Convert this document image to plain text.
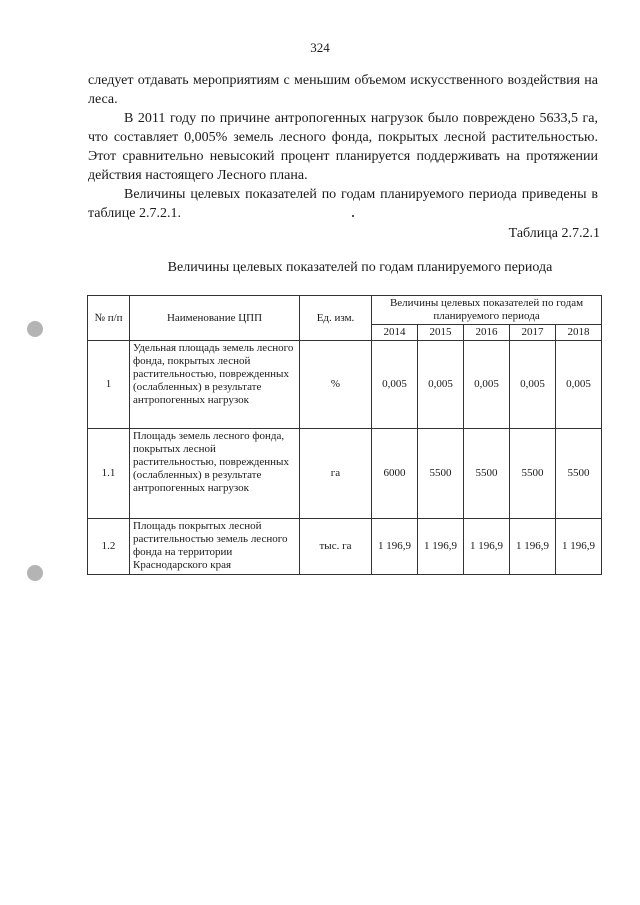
324

следует отдавать мероприятиям с меньшим объемом искусственного воздействия на леса.

В 2011 году по причине антропогенных нагрузок было повреждено 5633,5 га, что составляет 0,005% земель лесного фонда, покрытых лесной растительностью. Этот сравнительно невысокий процент планируется поддерживать на протяжении действия настоящего Лесного плана.

Величины целевых показателей по годам планируемого периода приведены в таблице 2.7.2.1.

Таблица 2.7.2.1
Величины целевых показателей по годам планируемого периода
№ п/п	Наименование ЦПП	Ед. изм.	Величины целевых показателей по годам планируемого периода				
			2014	2015	2016	2017	2018
1	Удельная площадь земель лесного фонда, покрытых лесной растительностью, поврежденных (ослабленных) в результате антропогенных нагрузок	%	0,005	0,005	0,005	0,005	0,005
1.1	Площадь земель лесного фонда, покрытых лесной растительностью, поврежденных (ослабленных) в результате антропогенных нагрузок	га	6000	5500	5500	5500	5500
1.2	Площадь покрытых лесной растительностью земель лесного фонда на территории Краснодарского края	тыс. га	1 196,9	1 196,9	1 196,9	1 196,9	1 196,9
